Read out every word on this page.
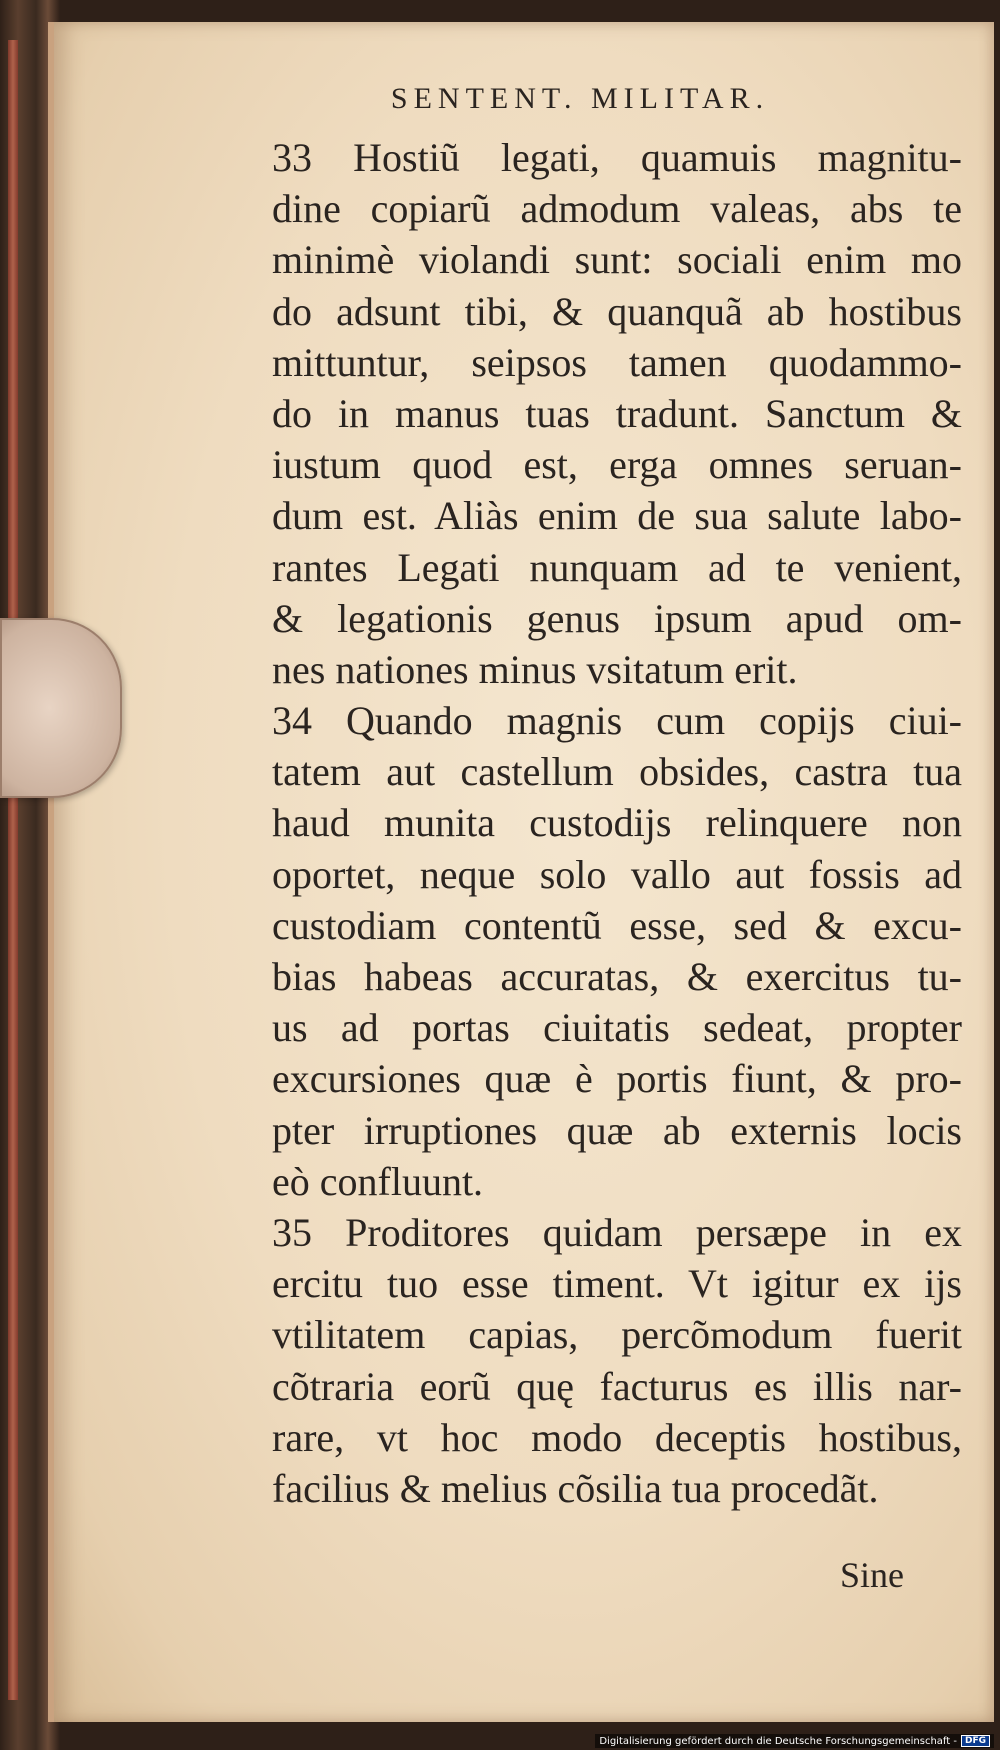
SENTENT. MILITAR.
33 Hostiũ legati, quamuis magnitu-
dine copiarũ admodum valeas, abs te
minimè violandi sunt: sociali enim mo
do adsunt tibi, & quanquã ab hostibus
mittuntur, seipsos tamen quodammo-
do in manus tuas tradunt. Sanctum &
iustum quod est, erga omnes seruan-
dum est. Aliàs enim de sua salute labo-
rantes Legati nunquam ad te venient,
& legationis genus ipsum apud om-
nes nationes minus vsitatum erit.
34 Quando magnis cum copijs ciui-
tatem aut castellum obsides, castra tua
haud munita custodijs relinquere non
oportet, neque solo vallo aut fossis ad
custodiam contentũ esse, sed & excu-
bias habeas accuratas, & exercitus tu-
us ad portas ciuitatis sedeat, propter
excursiones quæ è portis fiunt, & pro-
pter irruptiones quæ ab externis locis
eò confluunt.
35 Proditores quidam persæpe in ex
ercitu tuo esse timent. Vt igitur ex ijs
vtilitatem capias, percõmodum fuerit
cõtraria eorũ quę facturus es illis nar-
rare, vt hoc modo deceptis hostibus,
facilius & melius cõsilia tua procedãt.
Sine
Digitalisierung gefördert durch die Deutsche Forschungsgemeinschaft - DFG
